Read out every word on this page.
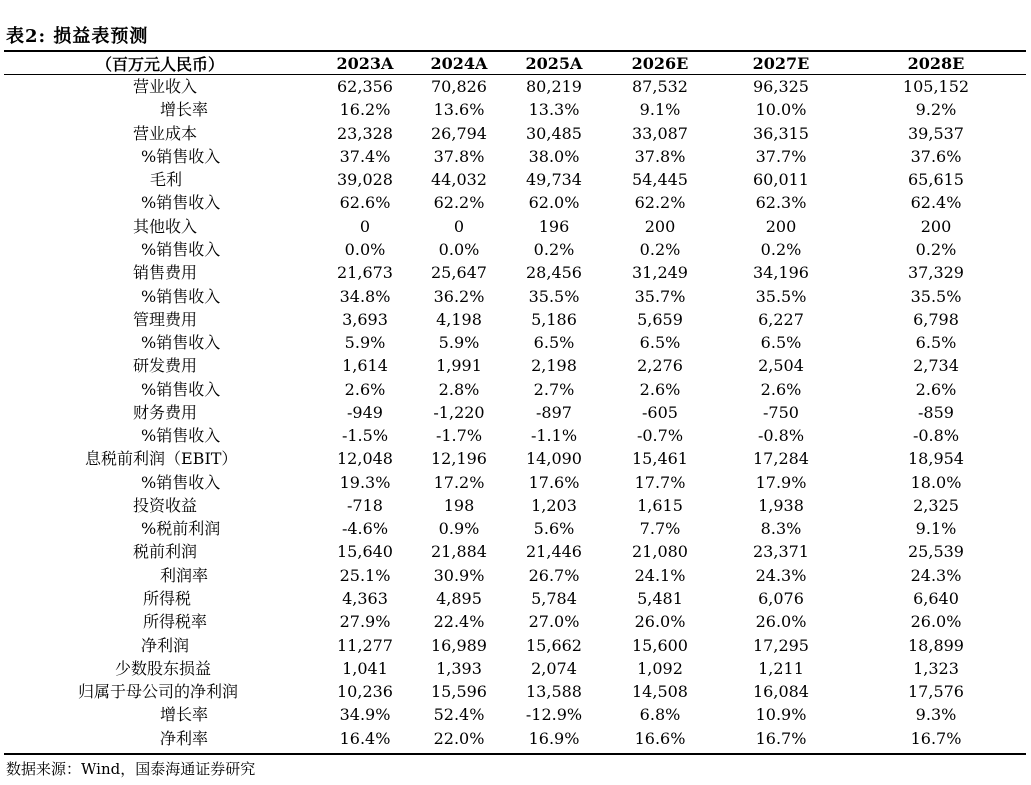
表2: 损益表预测
（百万元人民币）	2023A	2024A	2025A	2026E	2027E	2028E
营业收入	62,356	70,826	80,219	87,532	96,325	105,152
增长率	16.2%	13.6%	13.3%	9.1%	10.0%	9.2%
营业成本	23,328	26,794	30,485	33,087	36,315	39,537
%销售收入	37.4%	37.8%	38.0%	37.8%	37.7%	37.6%
毛利	39,028	44,032	49,734	54,445	60,011	65,615
%销售收入	62.6%	62.2%	62.0%	62.2%	62.3%	62.4%
其他收入	0	0	196	200	200	200
%销售收入	0.0%	0.0%	0.2%	0.2%	0.2%	0.2%
销售费用	21,673	25,647	28,456	31,249	34,196	37,329
%销售收入	34.8%	36.2%	35.5%	35.7%	35.5%	35.5%
管理费用	3,693	4,198	5,186	5,659	6,227	6,798
%销售收入	5.9%	5.9%	6.5%	6.5%	6.5%	6.5%
研发费用	1,614	1,991	2,198	2,276	2,504	2,734
%销售收入	2.6%	2.8%	2.7%	2.6%	2.6%	2.6%
财务费用	-949	-1,220	-897	-605	-750	-859
%销售收入	-1.5%	-1.7%	-1.1%	-0.7%	-0.8%	-0.8%
息税前利润（EBIT）	12,048	12,196	14,090	15,461	17,284	18,954
%销售收入	19.3%	17.2%	17.6%	17.7%	17.9%	18.0%
投资收益	-718	198	1,203	1,615	1,938	2,325
%税前利润	-4.6%	0.9%	5.6%	7.7%	8.3%	9.1%
税前利润	15,640	21,884	21,446	21,080	23,371	25,539
利润率	25.1%	30.9%	26.7%	24.1%	24.3%	24.3%
所得税	4,363	4,895	5,784	5,481	6,076	6,640
所得税率	27.9%	22.4%	27.0%	26.0%	26.0%	26.0%
净利润	11,277	16,989	15,662	15,600	17,295	18,899
少数股东损益	1,041	1,393	2,074	1,092	1,211	1,323
归属于母公司的净利润	10,236	15,596	13,588	14,508	16,084	17,576
增长率	34.9%	52.4%	-12.9%	6.8%	10.9%	9.3%
净利率	16.4%	22.0%	16.9%	16.6%	16.7%	16.7%
数据来源：Wind，国泰海通证券研究
